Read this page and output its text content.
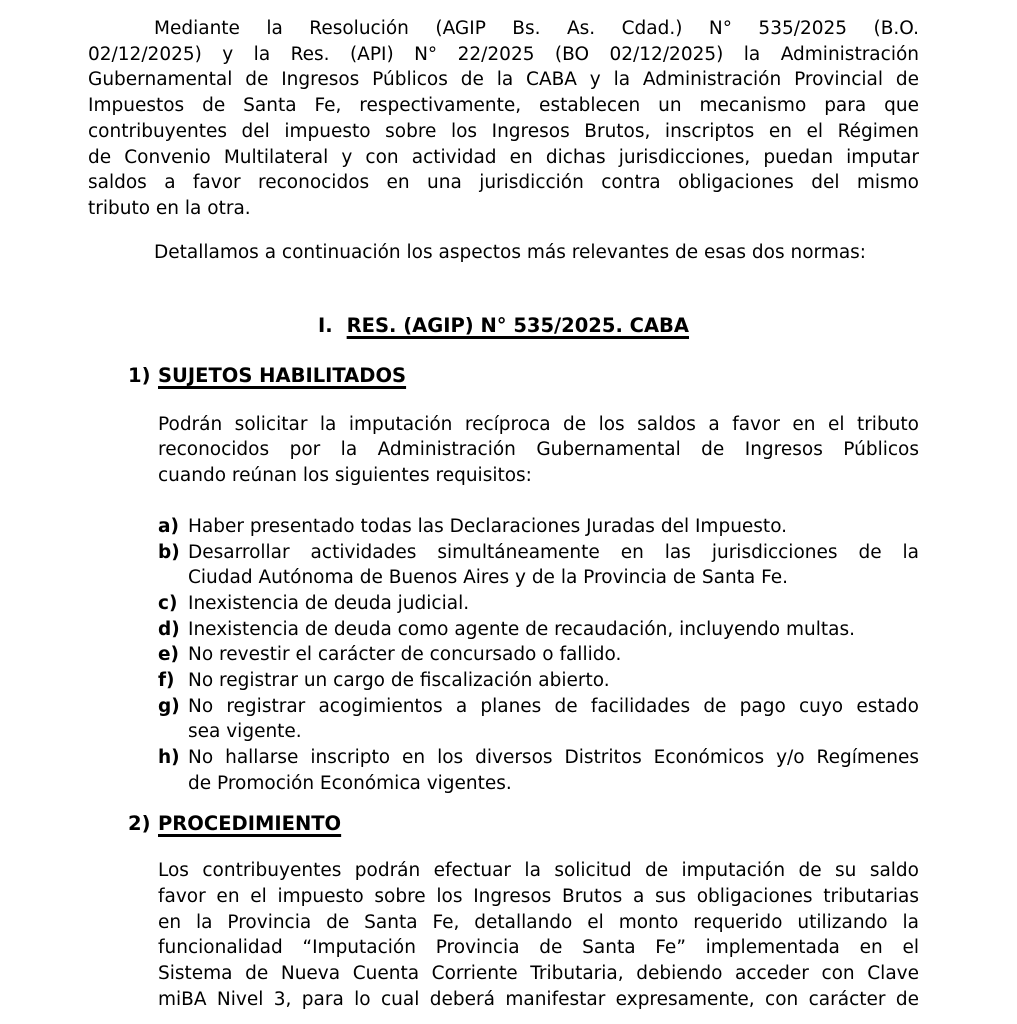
Mediante la Resolución (AGIP Bs. As. Cdad.) N° 535/2025 (B.O.
02/12/2025) y la Res. (API) N° 22/2025 (BO 02/12/2025) la Administración
Gubernamental de Ingresos Públicos de la CABA y la Administración Provincial de
Impuestos de Santa Fe, respectivamente, establecen un mecanismo para que
contribuyentes del impuesto sobre los Ingresos Brutos, inscriptos en el Régimen
de Convenio Multilateral y con actividad en dichas jurisdicciones, puedan imputar
saldos a favor reconocidos en una jurisdicción contra obligaciones del mismo
tributo en la otra.
Detallamos a continuación los aspectos más relevantes de esas dos normas:
I. RES. (AGIP) N° 535/2025. CABA
1) SUJETOS HABILITADOS
Podrán solicitar la imputación recíproca de los saldos a favor en el tributo
reconocidos por la Administración Gubernamental de Ingresos Públicos
cuando reúnan los siguientes requisitos:
a) Haber presentado todas las Declaraciones Juradas del Impuesto.
b) Desarrollar actividades simultáneamente en las jurisdicciones de la
Ciudad Autónoma de Buenos Aires y de la Provincia de Santa Fe.
c) Inexistencia de deuda judicial.
d) Inexistencia de deuda como agente de recaudación, incluyendo multas.
e) No revestir el carácter de concursado o fallido.
f) No registrar un cargo de fiscalización abierto.
g) No registrar acogimientos a planes de facilidades de pago cuyo estado
sea vigente.
h) No hallarse inscripto en los diversos Distritos Económicos y/o Regímenes
de Promoción Económica vigentes.
2) PROCEDIMIENTO
Los contribuyentes podrán efectuar la solicitud de imputación de su saldo
favor en el impuesto sobre los Ingresos Brutos a sus obligaciones tributarias
en la Provincia de Santa Fe, detallando el monto requerido utilizando la
funcionalidad “Imputación Provincia de Santa Fe” implementada en el
Sistema de Nueva Cuenta Corriente Tributaria, debiendo acceder con Clave
miBA Nivel 3, para lo cual deberá manifestar expresamente, con carácter de
